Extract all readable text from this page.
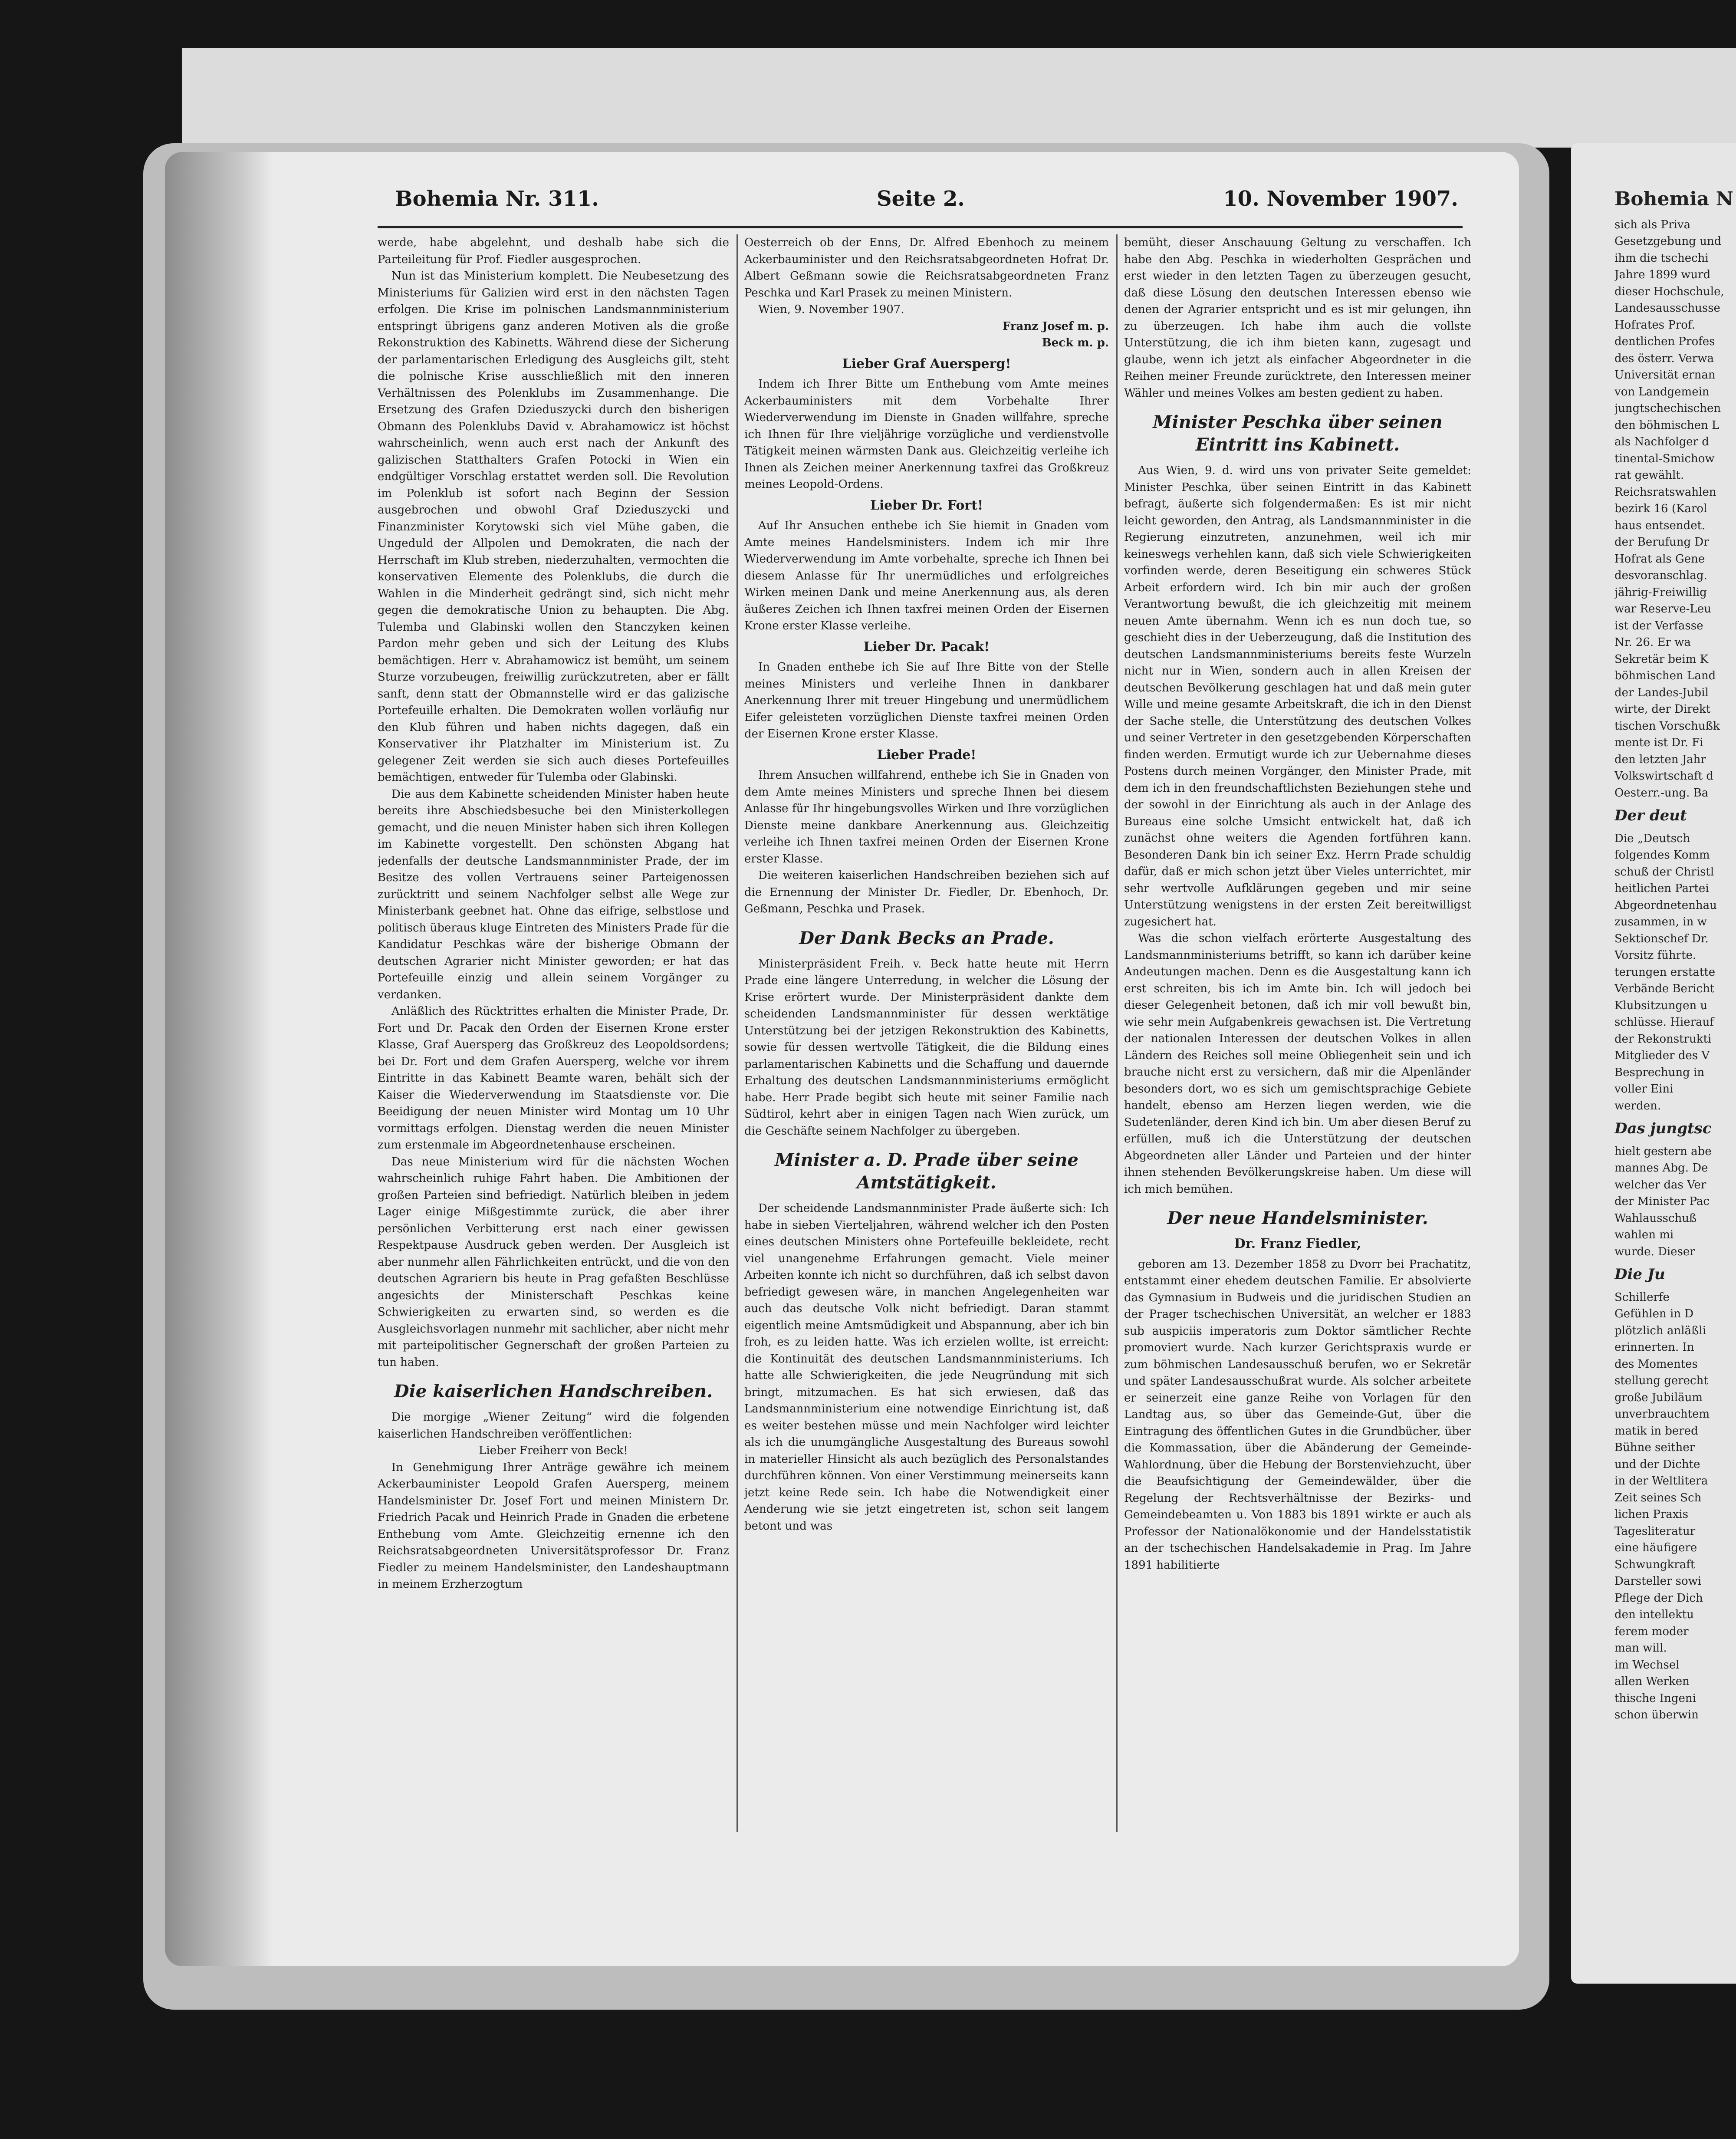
Bohemia Nr. 311.	Seite 2.	10. November 1907.

werde, habe abgelehnt, und deshalb habe sich die Parteileitung für Prof. Fiedler ausgesprochen.

Nun ist das Ministerium komplett. Die Neubesetzung des Ministeriums für Galizien wird erst in den nächsten Tagen erfolgen. Die Krise im polnischen Landsmannministerium entspringt übrigens ganz anderen Motiven als die große Rekonstruktion des Kabinetts. Während diese der Sicherung der parlamentarischen Erledigung des Ausgleichs gilt, steht die polnische Krise ausschließlich mit den inneren Verhältnissen des Polenklubs im Zusammenhange. Die Ersetzung des Grafen Dzieduszycki durch den bisherigen Obmann des Polenklubs David v. Abrahamowicz ist höchst wahrscheinlich, wenn auch erst nach der Ankunft des galizischen Statthalters Grafen Potocki in Wien ein endgültiger Vorschlag erstattet werden soll. Die Revolution im Polenklub ist sofort nach Beginn der Session ausgebrochen und obwohl Graf Dzieduszycki und Finanzminister Korytowski sich viel Mühe gaben, die Ungeduld der Allpolen und Demokraten, die nach der Herrschaft im Klub streben, niederzuhalten, vermochten die konservativen Elemente des Polenklubs, die durch die Wahlen in die Minderheit gedrängt sind, sich nicht mehr gegen die demokratische Union zu behaupten. Die Abg. Tulemba und Glabinski wollen den Stanczyken keinen Pardon mehr geben und sich der Leitung des Klubs bemächtigen. Herr v. Abrahamowicz ist bemüht, um seinem Sturze vorzubeugen, freiwillig zurückzutreten, aber er fällt sanft, denn statt der Obmannstelle wird er das galizische Portefeuille erhalten. Die Demokraten wollen vorläufig nur den Klub führen und haben nichts dagegen, daß ein Konservativer ihr Platzhalter im Ministerium ist. Zu gelegener Zeit werden sie sich auch dieses Portefeuilles bemächtigen, entweder für Tulemba oder Glabinski.

Die aus dem Kabinette scheidenden Minister haben heute bereits ihre Abschiedsbesuche bei den Ministerkollegen gemacht, und die neuen Minister haben sich ihren Kollegen im Kabinette vorgestellt. Den schönsten Abgang hat jedenfalls der deutsche Landsmannminister Prade, der im Besitze des vollen Vertrauens seiner Parteigenossen zurücktritt und seinem Nachfolger selbst alle Wege zur Ministerbank geebnet hat. Ohne das eifrige, selbstlose und politisch überaus kluge Eintreten des Ministers Prade für die Kandidatur Peschkas wäre der bisherige Obmann der deutschen Agrarier nicht Minister geworden; er hat das Portefeuille einzig und allein seinem Vorgänger zu verdanken.

Anläßlich des Rücktrittes erhalten die Minister Prade, Dr. Fort und Dr. Pacak den Orden der Eisernen Krone erster Klasse, Graf Auersperg das Großkreuz des Leopoldsordens; bei Dr. Fort und dem Grafen Auersperg, welche vor ihrem Eintritte in das Kabinett Beamte waren, behält sich der Kaiser die Wiederverwendung im Staatsdienste vor. Die Beeidigung der neuen Minister wird Montag um 10 Uhr vormittags erfolgen. Dienstag werden die neuen Minister zum erstenmale im Abgeordnetenhause erscheinen.

Das neue Ministerium wird für die nächsten Wochen wahrscheinlich ruhige Fahrt haben. Die Ambitionen der großen Parteien sind befriedigt. Natürlich bleiben in jedem Lager einige Mißgestimmte zurück, die aber ihrer persönlichen Verbitterung erst nach einer gewissen Respektpause Ausdruck geben werden. Der Ausgleich ist aber nunmehr allen Fährlichkeiten entrückt, und die von den deutschen Agrariern bis heute in Prag gefaßten Beschlüsse angesichts der Ministerschaft Peschkas keine Schwierigkeiten zu erwarten sind, so werden es die Ausgleichsvorlagen nunmehr mit sachlicher, aber nicht mehr mit parteipolitischer Gegnerschaft der großen Parteien zu tun haben.

Die kaiserlichen Handschreiben.

Die morgige „Wiener Zeitung“ wird die folgenden kaiserlichen Handschreiben veröffentlichen:

Lieber Freiherr von Beck!

In Genehmigung Ihrer Anträge gewähre ich meinem Ackerbauminister Leopold Grafen Auersperg, meinem Handelsminister Dr. Josef Fort und meinen Ministern Dr. Friedrich Pacak und Heinrich Prade in Gnaden die erbetene Enthebung vom Amte. Gleichzeitig ernenne ich den Reichsratsabgeordneten Universitätsprofessor Dr. Franz Fiedler zu meinem Handelsminister, den Landeshauptmann in meinem Erzherzogtum

Oesterreich ob der Enns, Dr. Alfred Ebenhoch zu meinem Ackerbauminister und den Reichsratsabgeordneten Hofrat Dr. Albert Geßmann sowie die Reichsratsabgeordneten Franz Peschka und Karl Prasek zu meinen Ministern.

Wien, 9. November 1907.

Franz Josef m. p.

Beck m. p.

Lieber Graf Auersperg!

Indem ich Ihrer Bitte um Enthebung vom Amte meines Ackerbauministers mit dem Vorbehalte Ihrer Wiederverwendung im Dienste in Gnaden willfahre, spreche ich Ihnen für Ihre vieljährige vorzügliche und verdienstvolle Tätigkeit meinen wärmsten Dank aus. Gleichzeitig verleihe ich Ihnen als Zeichen meiner Anerkennung taxfrei das Großkreuz meines Leopold-Ordens.

Lieber Dr. Fort!

Auf Ihr Ansuchen enthebe ich Sie hiemit in Gnaden vom Amte meines Handelsministers. Indem ich mir Ihre Wiederverwendung im Amte vorbehalte, spreche ich Ihnen bei diesem Anlasse für Ihr unermüdliches und erfolgreiches Wirken meinen Dank und meine Anerkennung aus, als deren äußeres Zeichen ich Ihnen taxfrei meinen Orden der Eisernen Krone erster Klasse verleihe.

Lieber Dr. Pacak!

In Gnaden enthebe ich Sie auf Ihre Bitte von der Stelle meines Ministers und verleihe Ihnen in dankbarer Anerkennung Ihrer mit treuer Hingebung und unermüdlichem Eifer geleisteten vorzüglichen Dienste taxfrei meinen Orden der Eisernen Krone erster Klasse.

Lieber Prade!

Ihrem Ansuchen willfahrend, enthebe ich Sie in Gnaden von dem Amte meines Ministers und spreche Ihnen bei diesem Anlasse für Ihr hingebungsvolles Wirken und Ihre vorzüglichen Dienste meine dankbare Anerkennung aus. Gleichzeitig verleihe ich Ihnen taxfrei meinen Orden der Eisernen Krone erster Klasse.

Die weiteren kaiserlichen Handschreiben beziehen sich auf die Ernennung der Minister Dr. Fiedler, Dr. Ebenhoch, Dr. Geßmann, Peschka und Prasek.

Der Dank Becks an Prade.

Ministerpräsident Freih. v. Beck hatte heute mit Herrn Prade eine längere Unterredung, in welcher die Lösung der Krise erörtert wurde. Der Ministerpräsident dankte dem scheidenden Landsmannminister für dessen werktätige Unterstützung bei der jetzigen Rekonstruktion des Kabinetts, sowie für dessen wertvolle Tätigkeit, die die Bildung eines parlamentarischen Kabinetts und die Schaffung und dauernde Erhaltung des deutschen Landsmannministeriums ermöglicht habe. Herr Prade begibt sich heute mit seiner Familie nach Südtirol, kehrt aber in einigen Tagen nach Wien zurück, um die Geschäfte seinem Nachfolger zu übergeben.

Minister a. D. Prade über seine Amtstätigkeit.

Der scheidende Landsmannminister Prade äußerte sich: Ich habe in sieben Vierteljahren, während welcher ich den Posten eines deutschen Ministers ohne Portefeuille bekleidete, recht viel unangenehme Erfahrungen gemacht. Viele meiner Arbeiten konnte ich nicht so durchführen, daß ich selbst davon befriedigt gewesen wäre, in manchen Angelegenheiten war auch das deutsche Volk nicht befriedigt. Daran stammt eigentlich meine Amtsmüdigkeit und Abspannung, aber ich bin froh, es zu leiden hatte. Was ich erzielen wollte, ist erreicht: die Kontinuität des deutschen Landsmannministeriums. Ich hatte alle Schwierigkeiten, die jede Neugründung mit sich bringt, mitzumachen. Es hat sich erwiesen, daß das Landsmannministerium eine notwendige Einrichtung ist, daß es weiter bestehen müsse und mein Nachfolger wird leichter als ich die unumgängliche Ausgestaltung des Bureaus sowohl in materieller Hinsicht als auch bezüglich des Personalstandes durchführen können. Von einer Verstimmung meinerseits kann jetzt keine Rede sein. Ich habe die Notwendigkeit einer Aenderung wie sie jetzt eingetreten ist, schon seit langem betont und was

bemüht, dieser Anschauung Geltung zu verschaffen. Ich habe den Abg. Peschka in wiederholten Gesprächen und erst wieder in den letzten Tagen zu überzeugen gesucht, daß diese Lösung den deutschen Interessen ebenso wie denen der Agrarier entspricht und es ist mir gelungen, ihn zu überzeugen. Ich habe ihm auch die vollste Unterstützung, die ich ihm bieten kann, zugesagt und glaube, wenn ich jetzt als einfacher Abgeordneter in die Reihen meiner Freunde zurücktrete, den Interessen meiner Wähler und meines Volkes am besten gedient zu haben.

Minister Peschka über seinen Eintritt ins Kabinett.

Aus Wien, 9. d. wird uns von privater Seite gemeldet: Minister Peschka, über seinen Eintritt in das Kabinett befragt, äußerte sich folgendermaßen: Es ist mir nicht leicht geworden, den Antrag, als Landsmannminister in die Regierung einzutreten, anzunehmen, weil ich mir keineswegs verhehlen kann, daß sich viele Schwierigkeiten vorfinden werde, deren Beseitigung ein schweres Stück Arbeit erfordern wird. Ich bin mir auch der großen Verantwortung bewußt, die ich gleichzeitig mit meinem neuen Amte übernahm. Wenn ich es nun doch tue, so geschieht dies in der Ueberzeugung, daß die Institution des deutschen Landsmannministeriums bereits feste Wurzeln nicht nur in Wien, sondern auch in allen Kreisen der deutschen Bevölkerung geschlagen hat und daß mein guter Wille und meine gesamte Arbeitskraft, die ich in den Dienst der Sache stelle, die Unterstützung des deutschen Volkes und seiner Vertreter in den gesetzgebenden Körperschaften finden werden. Ermutigt wurde ich zur Uebernahme dieses Postens durch meinen Vorgänger, den Minister Prade, mit dem ich in den freundschaftlichsten Beziehungen stehe und der sowohl in der Einrichtung als auch in der Anlage des Bureaus eine solche Umsicht entwickelt hat, daß ich zunächst ohne weiters die Agenden fortführen kann. Besonderen Dank bin ich seiner Exz. Herrn Prade schuldig dafür, daß er mich schon jetzt über Vieles unterrichtet, mir sehr wertvolle Aufklärungen gegeben und mir seine Unterstützung wenigstens in der ersten Zeit bereitwilligst zugesichert hat.

Was die schon vielfach erörterte Ausgestaltung des Landsmannministeriums betrifft, so kann ich darüber keine Andeutungen machen. Denn es die Ausgestaltung kann ich erst schreiten, bis ich im Amte bin. Ich will jedoch bei dieser Gelegenheit betonen, daß ich mir voll bewußt bin, wie sehr mein Aufgabenkreis gewachsen ist. Die Vertretung der nationalen Interessen der deutschen Volkes in allen Ländern des Reiches soll meine Obliegenheit sein und ich brauche nicht erst zu versichern, daß mir die Alpenländer besonders dort, wo es sich um gemischtsprachige Gebiete handelt, ebenso am Herzen liegen werden, wie die Sudetenländer, deren Kind ich bin. Um aber diesen Beruf zu erfüllen, muß ich die Unterstützung der deutschen Abgeordneten aller Länder und Parteien und der hinter ihnen stehenden Bevölkerungskreise haben. Um diese will ich mich bemühen.

Der neue Handelsminister.
Dr. Franz Fiedler,

geboren am 13. Dezember 1858 zu Dvorr bei Prachatitz, entstammt einer ehedem deutschen Familie. Er absolvierte das Gymnasium in Budweis und die juridischen Studien an der Prager tschechischen Universität, an welcher er 1883 sub auspiciis imperatoris zum Doktor sämtlicher Rechte promoviert wurde. Nach kurzer Gerichtspraxis wurde er zum böhmischen Landesausschuß berufen, wo er Sekretär und später Landesausschußrat wurde. Als solcher arbeitete er seinerzeit eine ganze Reihe von Vorlagen für den Landtag aus, so über das Gemeinde-Gut, über die Eintragung des öffentlichen Gutes in die Grundbücher, über die Kommassation, über die Abänderung der Gemeinde-Wahlordnung, über die Hebung der Borstenviehzucht, über die Beaufsichtigung der Gemeindewälder, über die Regelung der Rechtsverhältnisse der Bezirks- und Gemeindebeamten u. Von 1883 bis 1891 wirkte er auch als Professor der Nationalökonomie und der Handelsstatistik an der tschechischen Handelsakademie in Prag. Im Jahre 1891 habilitierte

Bohemia N
sich als Priva
Gesetzgebung und
ihm die tschechi
Jahre 1899 wurd
dieser Hochschule,
Landesausschusse
Hofrates Prof.
dentlichen Profes
des österr. Verwa
Universität ernan
von Landgemein
jungtschechischen
den böhmischen L
als Nachfolger d
tinental-Smichow
rat gewählt.
Reichsratswahlen
bezirk 16 (Karol
haus entsendet.
der Berufung Dr
Hofrat als Gene
desvoranschlag.
jährig-Freiwillig
war Reserve-Leu
ist der Verfasse
Nr. 26. Er wa
Sekretär beim K
böhmischen Land
der Landes-Jubil
wirte, der Direkt
tischen Vorschußk
mente ist Dr. Fi
den letzten Jahr
Volkswirtschaft d
Oesterr.-ung. Ba
Der deut
Die „Deutsch
folgendes Komm
schuß der Christl
heitlichen Partei
Abgeordnetenhau
zusammen, in w
Sektionschef Dr.
Vorsitz führte.
terungen erstatte
Verbände Bericht
Klubsitzungen u
schlüsse. Hierauf
der Rekonstrukti
Mitglieder des V
Besprechung in
voller Eini
werden.
Das jungtsc
hielt gestern abe
mannes Abg. De
welcher das Ver
der Minister Pac
Wahlausschuß
wahlen mi
wurde. Dieser
Die Ju
Schillerfe
Gefühlen in D
plötzlich anläßli
erinnerten. In
des Momentes
stellung gerecht
große Jubiläum
unverbrauchtem
matik in bered
Bühne seither
und der Dichte
in der Weltlitera
Zeit seines Sch
lichen Praxis
Tagesliteratur
eine häufigere
Schwungkraft
Darsteller sowi
Pflege der Dich
den intellektu
ferem moder
man will.
im Wechsel
allen Werken
thische Ingeni
schon überwin
